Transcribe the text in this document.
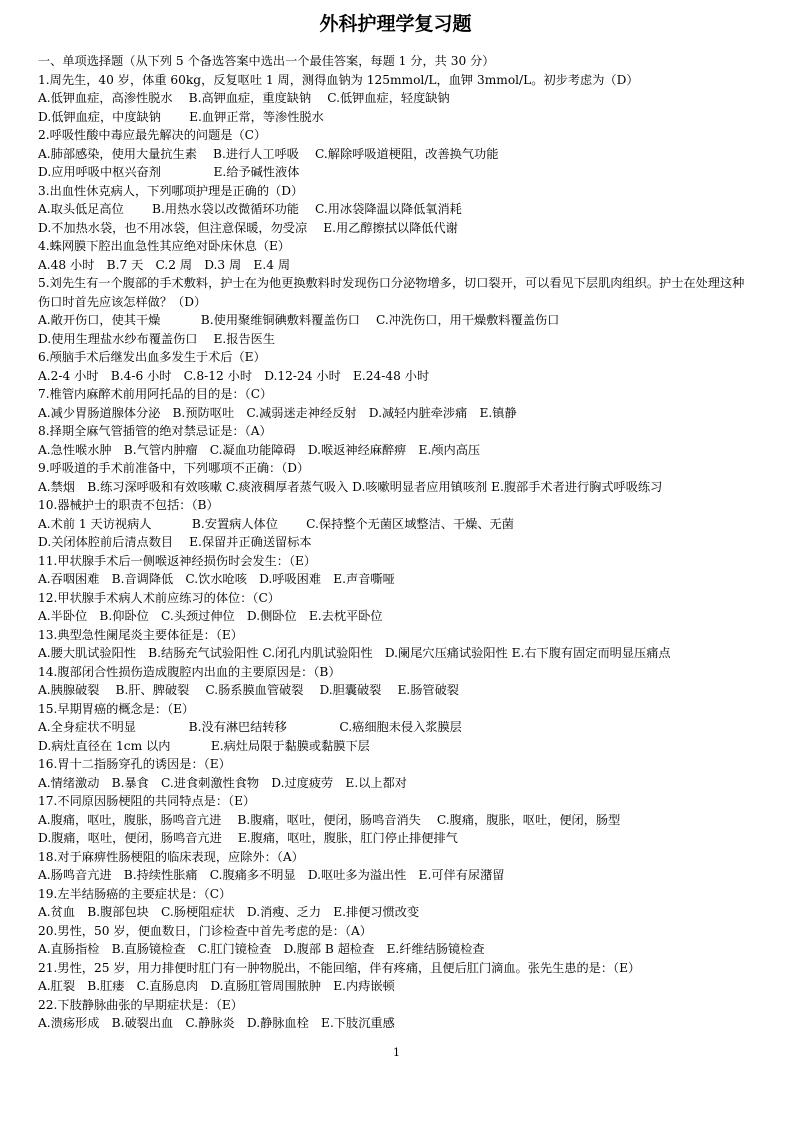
外科护理学复习题
一、单项选择题（从下列 5 个备选答案中选出一个最佳答案，每题 1 分，共 30 分）
1.周先生，40 岁，体重 60kg，反复呕吐 1 周，测得血钠为 125mmol/L，血钾 3mmol/L。初步考虑为（D）
A.低钾血症，高渗性脱水　 B.高钾血症，重度缺钠　 C.低钾血症，轻度缺钠
D.低钾血症，中度缺钠　　 E.血钾正常，等渗性脱水
2.呼吸性酸中毒应最先解决的问题是（C）
A.肺部感染，使用大量抗生素　 B.进行人工呼吸　 C.解除呼吸道梗阻，改善换气功能
D.应用呼吸中枢兴奋剂　　　　 E.给予碱性液体
3.出血性休克病人，下列哪项护理是正确的（D）
A.取头低足高位　　 B.用热水袋以改微循环功能　 C.用冰袋降温以降低氧消耗
D.不加热水袋，也不用冰袋，但注意保暖，勿受凉　 E.用乙醇擦拭以降低代谢
4.蛛网膜下腔出血急性其应绝对卧床休息（E）
A.48 小时　B.7 天　C.2 周　D.3 周　E.4 周
5.刘先生有一个腹部的手术敷料，护士在为他更换敷料时发现伤口分泌物增多，切口裂开，可以看见下层肌肉组织。护士在处理这种伤口时首先应该怎样做？（D）
A.敞开伤口，使其干燥　　　 B.使用聚维铜碘敷料覆盖伤口　 C.冲洗伤口，用干燥敷料覆盖伤口
D.使用生理盐水纱布覆盖伤口　 E.报告医生
6.颅脑手术后继发出血多发生于术后（E）
A.2-4 小时　B.4-6 小时　C.8-12 小时　D.12-24 小时　E.24-48 小时
7.椎管内麻醉术前用阿托品的目的是：（C）
A.减少胃肠道腺体分泌　B.预防呕吐　C.减弱迷走神经反射　D.减轻内脏牵涉痛　E.镇静
8.择期全麻气管插管的绝对禁忌证是：（A）
A.急性喉水肿　B.气管内肿瘤　C.凝血功能障碍　D.喉返神经麻醉痹　E.颅内高压
9.呼吸道的手术前准备中，下列哪项不正确：（D）
A.禁烟　B.练习深呼吸和有效咳嗽 C.痰液稠厚者蒸气吸入 D.咳嗽明显者应用镇咳剂 E.腹部手术者进行胸式呼吸练习
10.器械护士的职责不包括：（B）
A.术前 1 天访视病人　　　 B.安置病人体位　　 C.保持整个无菌区域整洁、干燥、无菌
D.关闭体腔前后清点数目　 E.保留并正确送留标本
11.甲状腺手术后一侧喉返神经损伤时会发生：（E）
A.吞咽困难　B.音调降低　C.饮水呛咳　D.呼吸困难　E.声音嘶哑
12.甲状腺手术病人术前应练习的体位：（C）
A.半卧位　B.仰卧位　C.头颈过伸位　D.侧卧位　E.去枕平卧位
13.典型急性阑尾炎主要体征是：（E）
A.腰大肌试验阳性　B.结肠充气试验阳性 C.闭孔内肌试验阳性　D.阑尾穴压痛试验阳性 E.右下腹有固定而明显压痛点
14.腹部闭合性损伤造成腹腔内出血的主要原因是：（B）
A.胰腺破裂　 B.肝、脾破裂　 C.肠系膜血管破裂　 D.胆囊破裂　 E.肠管破裂
15.早期胃癌的概念是：（E）
A.全身症状不明显　　　　 B.没有淋巴结转移　　　　 C.癌细胞未侵入浆膜层
D.病灶直径在 1cm 以内　　　 E.病灶局限于黏膜或黏膜下层
16.胃十二指肠穿孔的诱因是：（E）
A.情绪激动　B.暴食　C.进食刺激性食物　D.过度疲劳　E.以上都对
17.不同原因肠梗阻的共同特点是：（E）
A.腹痛，呕吐，腹胀，肠鸣音亢进　 B.腹痛，呕吐，便闭，肠鸣音消失　 C.腹痛，腹胀，呕吐，便闭，肠型
D.腹痛，呕吐，便闭，肠鸣音亢进　 E.腹痛，呕吐，腹胀，肛门停止排便排气
18.对于麻痹性肠梗阻的临床表现，应除外：（A）
A.肠鸣音亢进　B.持续性胀痛　C.腹痛多不明显　D.呕吐多为溢出性　E.可伴有尿潴留
19.左半结肠癌的主要症状是：（C）
A.贫血　B.腹部包块　C.肠梗阻症状　D.消瘦、乏力　E.排便习惯改变
20.男性，50 岁，便血数日，门诊检查中首先考虑的是：（A）
A.直肠指检　B.直肠镜检查　C.肛门镜检查　D.腹部 B 超检查　E.纤维结肠镜检查
21.男性，25 岁，用力排便时肛门有一肿物脱出，不能回缩，伴有疼痛，且便后肛门滴血。张先生患的是：（E）
A.肛裂　B.肛瘘　C.直肠息肉　D.直肠肛管周围脓肿　E.内痔嵌顿
22.下肢静脉曲张的早期症状是：（E）
A.溃疡形成　B.破裂出血　C.静脉炎　D.静脉血栓　E.下肢沉重感
1
